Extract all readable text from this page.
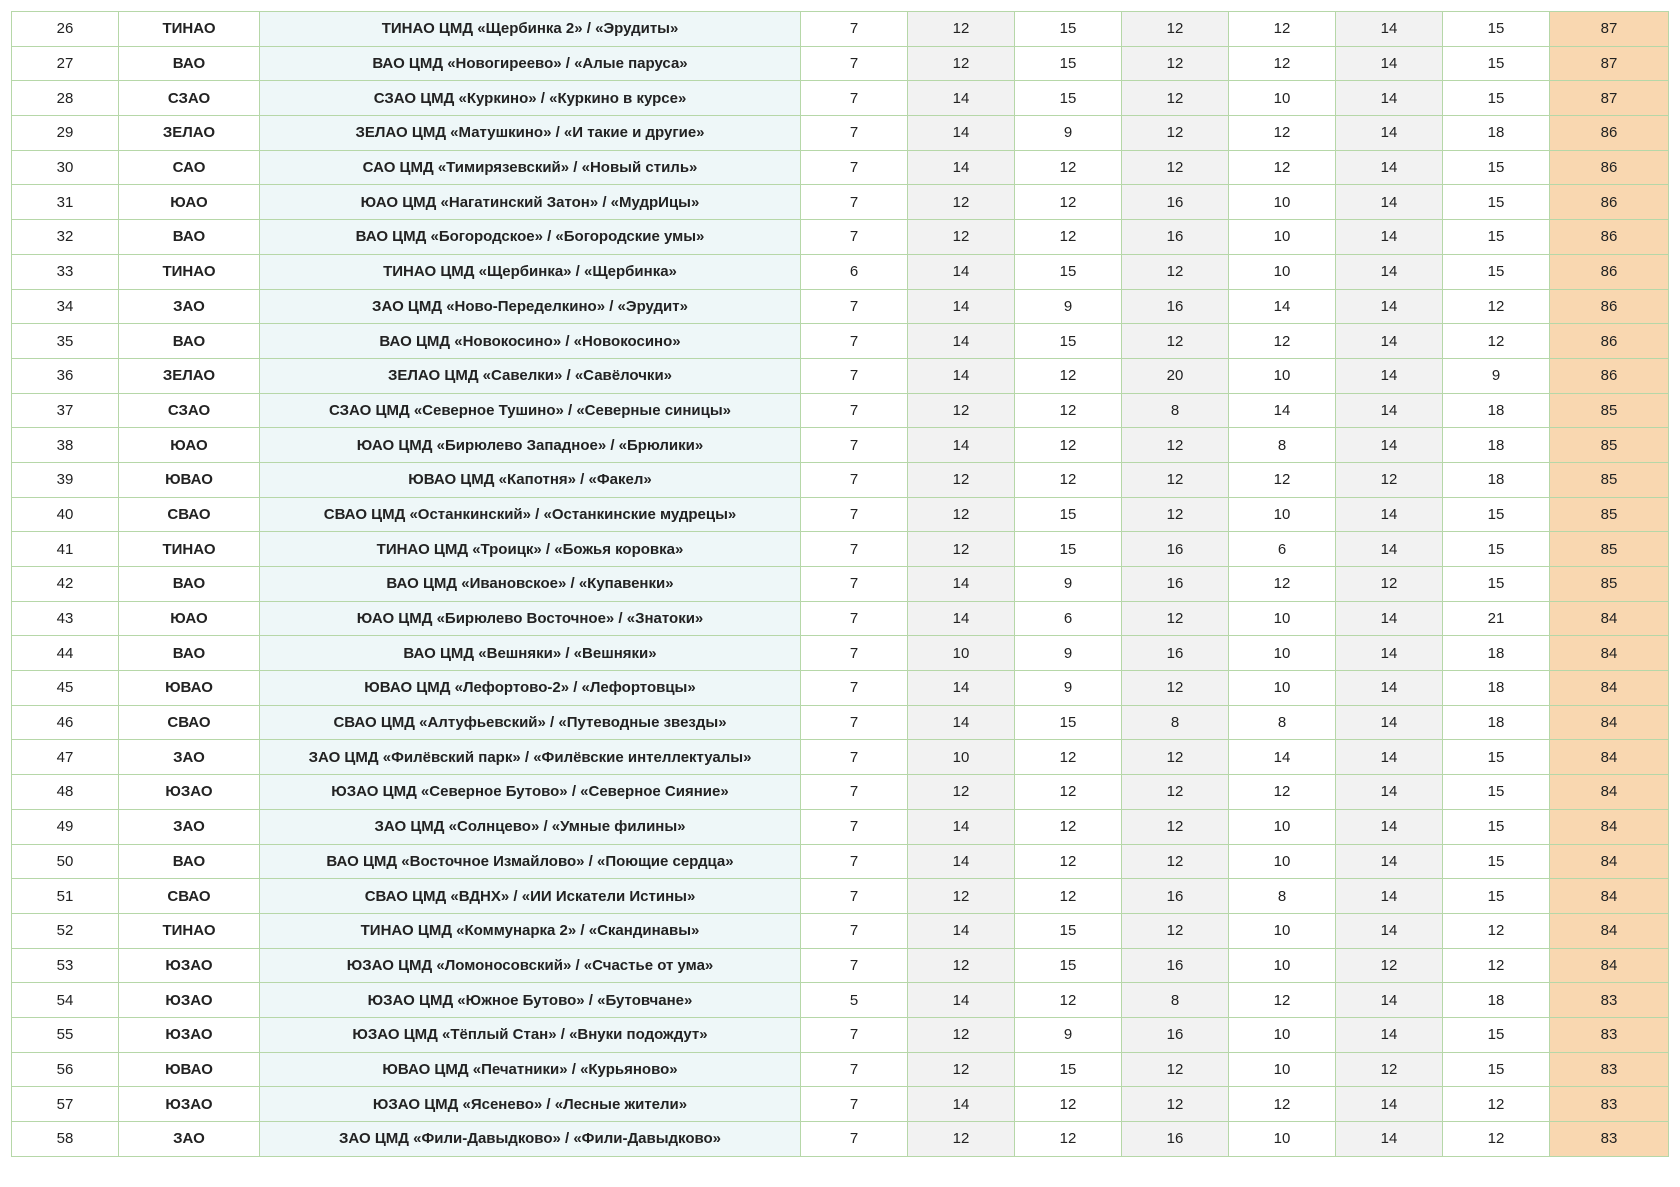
26	ТИНАО	ТИНАО ЦМД «Щербинка 2» / «Эрудиты»	7	12	15	12	12	14	15	87
27	ВАО	ВАО ЦМД «Новогиреево» / «Алые паруса»	7	12	15	12	12	14	15	87
28	СЗАО	СЗАО ЦМД «Куркино» / «Куркино в курсе»	7	14	15	12	10	14	15	87
29	ЗЕЛАО	ЗЕЛАО ЦМД «Матушкино» / «И такие и другие»	7	14	9	12	12	14	18	86
30	САО	САО ЦМД «Тимирязевский» / «Новый стиль»	7	14	12	12	12	14	15	86
31	ЮАО	ЮАО ЦМД «Нагатинский Затон» / «МудрИцы»	7	12	12	16	10	14	15	86
32	ВАО	ВАО ЦМД «Богородское» / «Богородские умы»	7	12	12	16	10	14	15	86
33	ТИНАО	ТИНАО ЦМД «Щербинка» / «Щербинка»	6	14	15	12	10	14	15	86
34	ЗАО	ЗАО ЦМД «Ново-Переделкино» / «Эрудит»	7	14	9	16	14	14	12	86
35	ВАО	ВАО ЦМД «Новокосино» / «Новокосино»	7	14	15	12	12	14	12	86
36	ЗЕЛАО	ЗЕЛАО ЦМД «Савелки» / «Савёлочки»	7	14	12	20	10	14	9	86
37	СЗАО	СЗАО ЦМД «Северное Тушино» / «Северные синицы»	7	12	12	8	14	14	18	85
38	ЮАО	ЮАО ЦМД «Бирюлево Западное» / «Брюлики»	7	14	12	12	8	14	18	85
39	ЮВАО	ЮВАО ЦМД «Капотня» / «Факел»	7	12	12	12	12	12	18	85
40	СВАО	СВАО ЦМД «Останкинский» / «Останкинские мудрецы»	7	12	15	12	10	14	15	85
41	ТИНАО	ТИНАО ЦМД «Троицк» / «Божья коровка»	7	12	15	16	6	14	15	85
42	ВАО	ВАО ЦМД «Ивановское» / «Купавенки»	7	14	9	16	12	12	15	85
43	ЮАО	ЮАО ЦМД «Бирюлево Восточное» / «Знатоки»	7	14	6	12	10	14	21	84
44	ВАО	ВАО ЦМД «Вешняки» / «Вешняки»	7	10	9	16	10	14	18	84
45	ЮВАО	ЮВАО ЦМД «Лефортово-2» / «Лефортовцы»	7	14	9	12	10	14	18	84
46	СВАО	СВАО ЦМД «Алтуфьевский» / «Путеводные звезды»	7	14	15	8	8	14	18	84
47	ЗАО	ЗАО ЦМД «Филёвский парк» / «Филёвские интеллектуалы»	7	10	12	12	14	14	15	84
48	ЮЗАО	ЮЗАО ЦМД «Северное Бутово» / «Северное Сияние»	7	12	12	12	12	14	15	84
49	ЗАО	ЗАО ЦМД «Солнцево» / «Умные филины»	7	14	12	12	10	14	15	84
50	ВАО	ВАО ЦМД «Восточное Измайлово» / «Поющие сердца»	7	14	12	12	10	14	15	84
51	СВАО	СВАО ЦМД «ВДНХ» / «ИИ Искатели Истины»	7	12	12	16	8	14	15	84
52	ТИНАО	ТИНАО ЦМД «Коммунарка 2» / «Скандинавы»	7	14	15	12	10	14	12	84
53	ЮЗАО	ЮЗАО ЦМД «Ломоносовский» / «Счастье от ума»	7	12	15	16	10	12	12	84
54	ЮЗАО	ЮЗАО ЦМД «Южное Бутово» / «Бутовчане»	5	14	12	8	12	14	18	83
55	ЮЗАО	ЮЗАО ЦМД «Тёплый Стан» / «Внуки подождут»	7	12	9	16	10	14	15	83
56	ЮВАО	ЮВАО ЦМД «Печатники» / «Курьяново»	7	12	15	12	10	12	15	83
57	ЮЗАО	ЮЗАО ЦМД «Ясенево» / «Лесные жители»	7	14	12	12	12	14	12	83
58	ЗАО	ЗАО ЦМД «Фили-Давыдково» / «Фили-Давыдково»	7	12	12	16	10	14	12	83
